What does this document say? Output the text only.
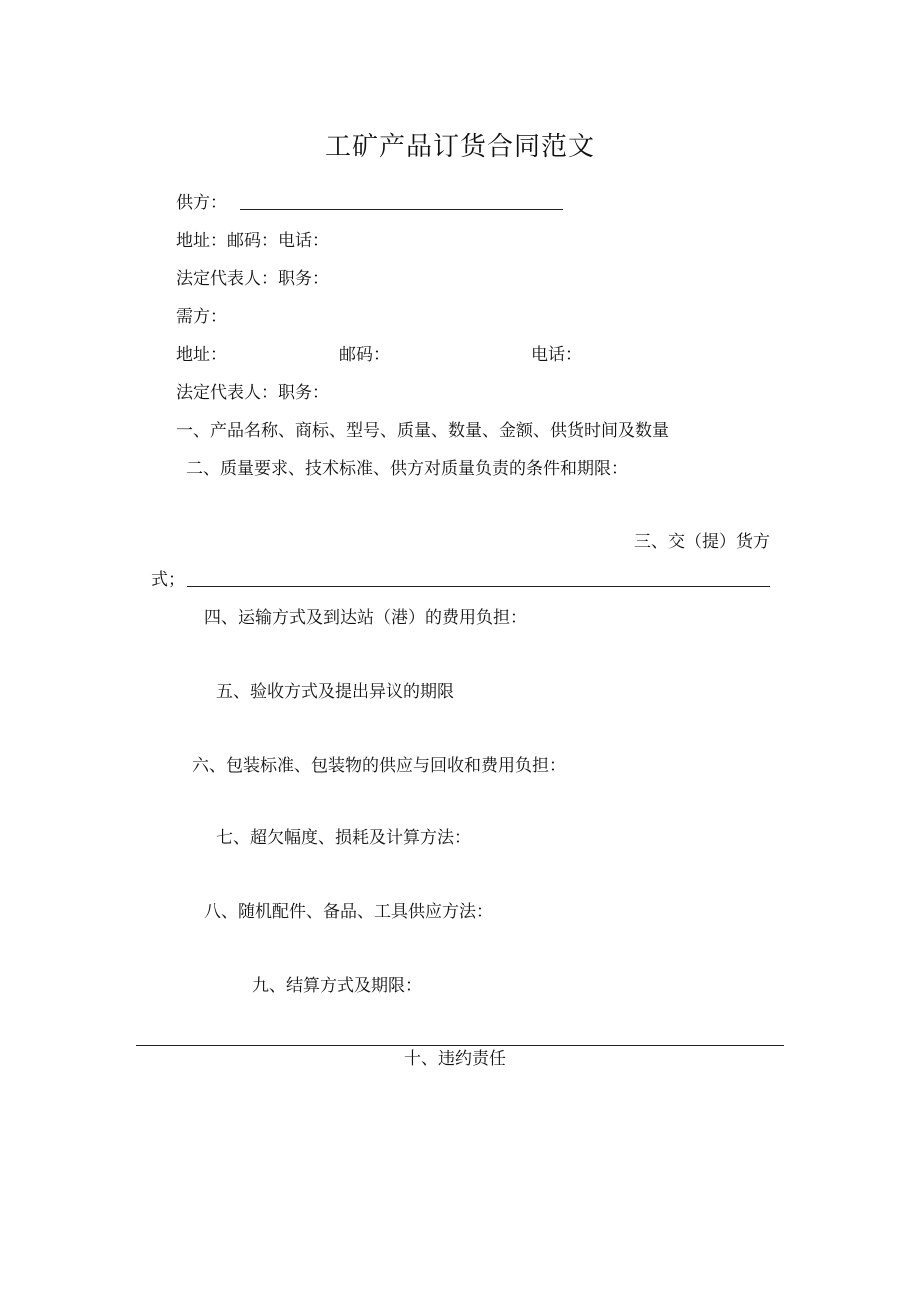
工矿产品订货合同范文
供方：
地址：邮码：电话：
法定代表人：职务：
需方：
地址：	邮码：	电话：
法定代表人：职务：
一、产品名称、商标、型号、质量、数量、金额、供货时间及数量
二、质量要求、技术标准、供方对质量负责的条件和期限：
三、交（提）货方
式；
四、运输方式及到达站（港）的费用负担：
五、验收方式及提出异议的期限
六、包装标准、包装物的供应与回收和费用负担：
七、超欠幅度、损耗及计算方法：
八、随机配件、备品、工具供应方法：
九、结算方式及期限：
十、违约责任
